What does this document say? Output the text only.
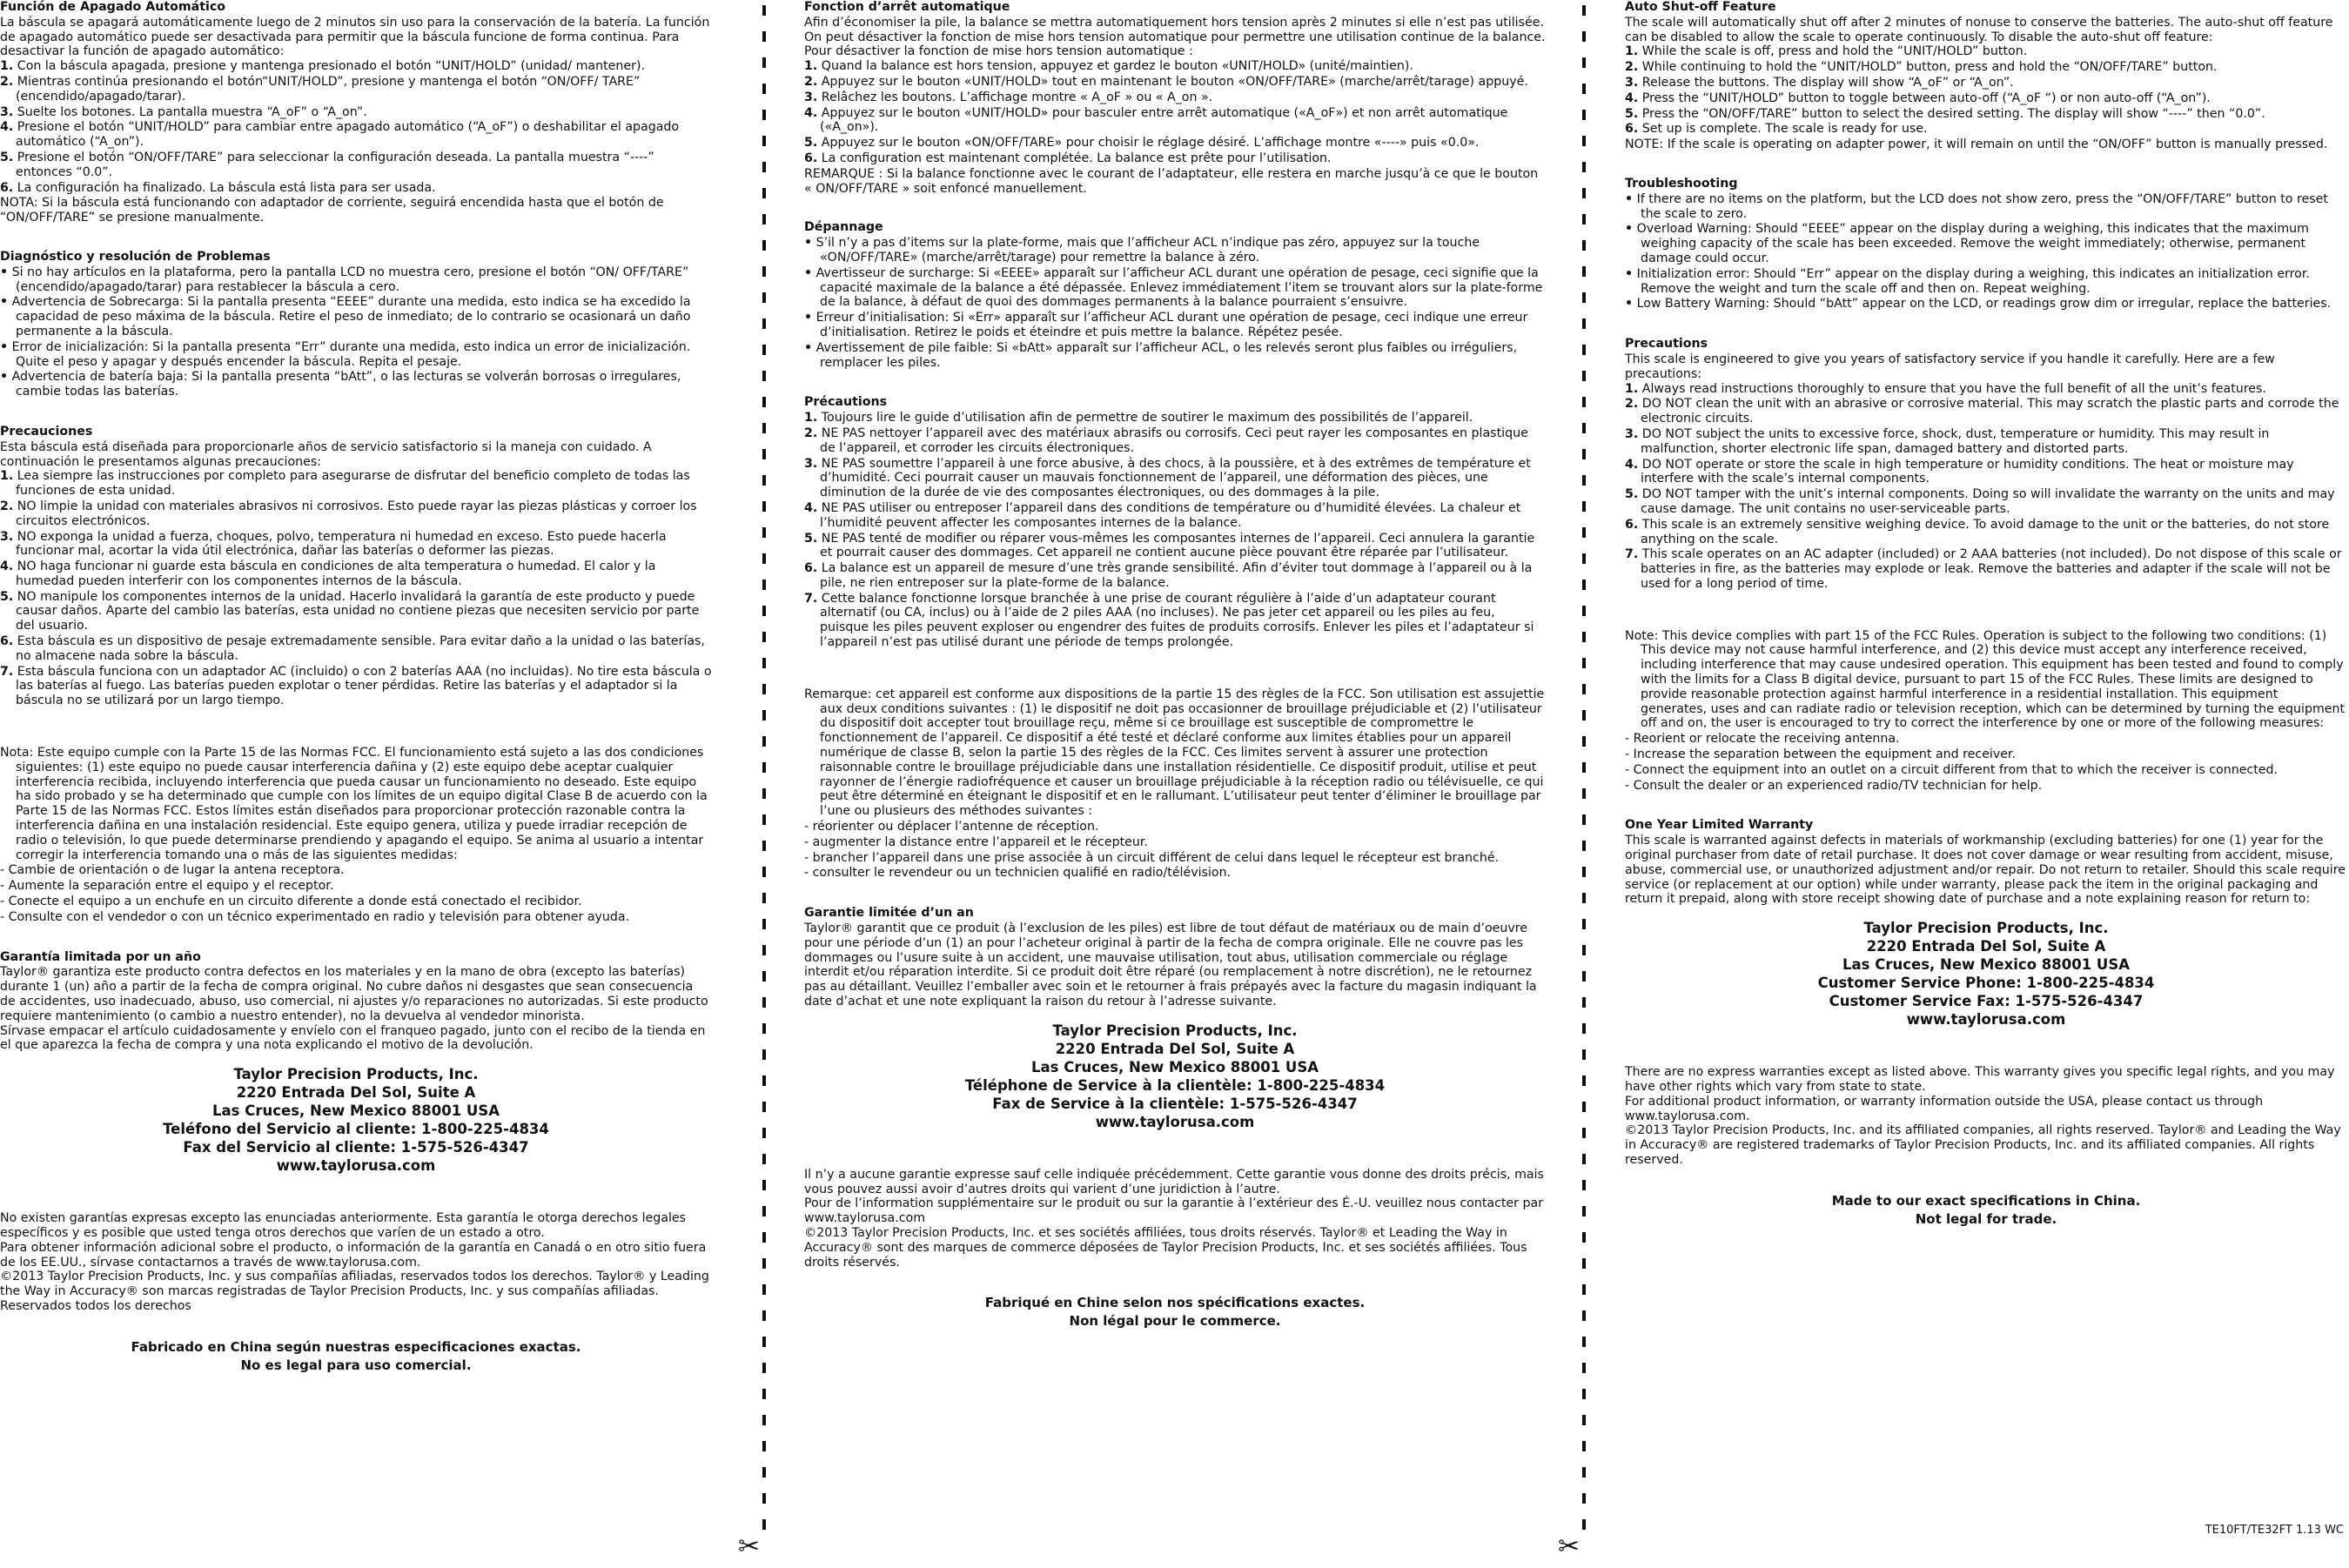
Función de Apagado Automático
La báscula se apagará automáticamente luego de 2 minutos sin uso para la conservación de la batería. La función de apagado automático puede ser desactivada para permitir que la báscula funcione de forma continua. Para desactivar la función de apagado automático:
1. Con la báscula apagada, presione y mantenga presionado el botón “UNIT/HOLD” (unidad/ mantener).
2. Mientras continúa presionando el botón“UNIT/HOLD”, presione y mantenga el botón “ON/OFF/ TARE” (encendido/apagado/tarar).
3. Suelte los botones. La pantalla muestra “A_oF” o “A_on”.
4. Presione el botón “UNIT/HOLD” para cambiar entre apagado automático (“A_oF”) o deshabilitar el apagado automático (“A_on”).
5. Presione el botón “ON/OFF/TARE” para seleccionar la configuración deseada. La pantalla muestra “----” entonces “0.0”.
6. La configuración ha finalizado. La báscula está lista para ser usada.
NOTA: Si la báscula está funcionando con adaptador de corriente, seguirá encendida hasta que el botón de “ON/OFF/TARE” se presione manualmente.
Diagnóstico y resolución de Problemas
• Si no hay artículos en la plataforma, pero la pantalla LCD no muestra cero, presione el botón “ON/ OFF/TARE” (encendido/apagado/tarar) para restablecer la báscula a cero.
• Advertencia de Sobrecarga: Si la pantalla presenta “EEEE” durante una medida, esto indica se ha excedido la capacidad de peso máxima de la báscula. Retire el peso de inmediato; de lo contrario se ocasionará un daño permanente a la báscula.
• Error de inicialización: Si la pantalla presenta “Err” durante una medida, esto indica un error de inicialización. Quite el peso y apagar y después encender la báscula. Repita el pesaje.
• Advertencia de batería baja: Si la pantalla presenta “bAtt”, o las lecturas se volverán borrosas o irregulares, cambie todas las baterías.
Precauciones
Esta báscula está diseñada para proporcionarle años de servicio satisfactorio si la maneja con cuidado. A continuación le presentamos algunas precauciones:
1. Lea siempre las instrucciones por completo para asegurarse de disfrutar del beneficio completo de todas las funciones de esta unidad.
2. NO limpie la unidad con materiales abrasivos ni corrosivos. Esto puede rayar las piezas plásticas y corroer los circuitos electrónicos.
3. NO exponga la unidad a fuerza, choques, polvo, temperatura ni humedad en exceso. Esto puede hacerla funcionar mal, acortar la vida útil electrónica, dañar las baterías o deformer las piezas.
4. NO haga funcionar ni guarde esta báscula en condiciones de alta temperatura o humedad. El calor y la humedad pueden interferir con los componentes internos de la báscula.
5. NO manipule los componentes internos de la unidad. Hacerlo invalidará la garantía de este producto y puede causar daños. Aparte del cambio las baterías, esta unidad no contiene piezas que necesiten servicio por parte del usuario.
6. Esta báscula es un dispositivo de pesaje extremadamente sensible. Para evitar daño a la unidad o las baterías, no almacene nada sobre la báscula.
7. Esta báscula funciona con un adaptador AC (incluido) o con 2 baterías AAA (no incluidas). No tire esta báscula o las baterías al fuego. Las baterías pueden explotar o tener pérdidas. Retire las baterías y el adaptador si la báscula no se utilizará por un largo tiempo.
Nota: Este equipo cumple con la Parte 15 de las Normas FCC. El funcionamiento está sujeto a las dos condiciones siguientes: (1) este equipo no puede causar interferencia dañina y (2) este equipo debe aceptar cualquier interferencia recibida, incluyendo interferencia que pueda causar un funcionamiento no deseado. Este equipo ha sido probado y se ha determinado que cumple con los límites de un equipo digital Clase B de acuerdo con la Parte 15 de las Normas FCC. Estos límites están diseñados para proporcionar protección razonable contra la interferencia dañina en una instalación residencial. Este equipo genera, utiliza y puede irradiar recepción de radio o televisión, lo que puede determinarse prendiendo y apagando el equipo. Se anima al usuario a intentar corregir la interferencia tomando una o más de las siguientes medidas:
- Cambie de orientación o de lugar la antena receptora.
- Aumente la separación entre el equipo y el receptor.
- Conecte el equipo a un enchufe en un circuito diferente a donde está conectado el recibidor.
- Consulte con el vendedor o con un técnico experimentado en radio y televisión para obtener ayuda.
Garantía limitada por un año
Taylor® garantiza este producto contra defectos en los materiales y en la mano de obra (excepto las baterías) durante 1 (un) año a partir de la fecha de compra original. No cubre daños ni desgastes que sean consecuencia de accidentes, uso inadecuado, abuso, uso comercial, ni ajustes y/o reparaciones no autorizadas. Si este producto requiere mantenimiento (o cambio a nuestro entender), no la devuelva al vendedor minorista.
Sírvase empacar el artículo cuidadosamente y envíelo con el franqueo pagado, junto con el recibo de la tienda en el que aparezca la fecha de compra y una nota explicando el motivo de la devolución.
Taylor Precision Products, Inc.
2220 Entrada Del Sol, Suite A
Las Cruces, New Mexico 88001 USA
Teléfono del Servicio al cliente: 1-800-225-4834
Fax del Servicio al cliente: 1-575-526-4347
www.taylorusa.com
No existen garantías expresas excepto las enunciadas anteriormente. Esta garantía le otorga derechos legales específicos y es posible que usted tenga otros derechos que varíen de un estado a otro.
Para obtener información adicional sobre el producto, o información de la garantía en Canadá o en otro sitio fuera de los EE.UU., sírvase contactarnos a través de www.taylorusa.com.
©2013 Taylor Precision Products, Inc. y sus compañías afiliadas, reservados todos los derechos. Taylor® y Leading the Way in Accuracy® son marcas registradas de Taylor Precision Products, Inc. y sus compañías afiliadas. Reservados todos los derechos
Fabricado en China según nuestras especificaciones exactas.
No es legal para uso comercial.
Fonction d’arrêt automatique
Afin d’économiser la pile, la balance se mettra automatiquement hors tension après 2 minutes si elle n’est pas utilisée. On peut désactiver la fonction de mise hors tension automatique pour permettre une utilisation continue de la balance. Pour désactiver la fonction de mise hors tension automatique :
1. Quand la balance est hors tension, appuyez et gardez le bouton «UNIT/HOLD» (unité/maintien).
2. Appuyez sur le bouton «UNIT/HOLD» tout en maintenant le bouton «ON/OFF/TARE» (marche/arrêt/tarage) appuyé.
3. Relâchez les boutons. L’affichage montre « A_oF » ou « A_on ».
4. Appuyez sur le bouton «UNIT/HOLD» pour basculer entre arrêt automatique («A_oF») et non arrêt automatique («A_on»).
5. Appuyez sur le bouton «ON/OFF/TARE» pour choisir le réglage désiré. L’affichage montre «----» puis «0.0».
6. La configuration est maintenant complétée. La balance est prête pour l’utilisation.
REMARQUE : Si la balance fonctionne avec le courant de l’adaptateur, elle restera en marche jusqu’à ce que le bouton « ON/OFF/TARE » soit enfoncé manuellement.
Dépannage
• S’il n’y a pas d’items sur la plate-forme, mais que l’afficheur ACL n’indique pas zéro, appuyez sur la touche «ON/OFF/TARE» (marche/arrêt/tarage) pour remettre la balance à zéro.
• Avertisseur de surcharge: Si «EEEE» apparaît sur l’afficheur ACL durant une opération de pesage, ceci signifie que la capacité maximale de la balance a été dépassée. Enlevez immédiatement l’item se trouvant alors sur la plate-forme de la balance, à défaut de quoi des dommages permanents à la balance pourraient s’ensuivre.
• Erreur d’initialisation: Si «Err» apparaît sur l’afficheur ACL durant une opération de pesage, ceci indique une erreur d’initialisation. Retirez le poids et éteindre et puis mettre la balance. Répétez pesée.
• Avertissement de pile faible: Si «bAtt» apparaît sur l’afficheur ACL, o les relevés seront plus faibles ou irréguliers, remplacer les piles.
Précautions
1. Toujours lire le guide d’utilisation afin de permettre de soutirer le maximum des possibilités de l’appareil.
2. NE PAS nettoyer l’appareil avec des matériaux abrasifs ou corrosifs. Ceci peut rayer les composantes en plastique de l’appareil, et corroder les circuits électroniques.
3. NE PAS soumettre l’appareil à une force abusive, à des chocs, à la poussière, et à des extrêmes de température et d’humidité. Ceci pourrait causer un mauvais fonctionnement de l’appareil, une déformation des pièces, une diminution de la durée de vie des composantes électroniques, ou des dommages à la pile.
4. NE PAS utiliser ou entreposer l’appareil dans des conditions de température ou d’humidité élevées. La chaleur et l’humidité peuvent affecter les composantes internes de la balance.
5. NE PAS tenté de modifier ou réparer vous-mêmes les composantes internes de l’appareil. Ceci annulera la garantie et pourrait causer des dommages. Cet appareil ne contient aucune pièce pouvant être réparée par l’utilisateur.
6. La balance est un appareil de mesure d’une très grande sensibilité. Afin d’éviter tout dommage à l’appareil ou à la pile, ne rien entreposer sur la plate-forme de la balance.
7. Cette balance fonctionne lorsque branchée à une prise de courant régulière à l’aide d’un adaptateur courant alternatif (ou CA, inclus) ou à l’aide de 2 piles AAA (no incluses). Ne pas jeter cet appareil ou les piles au feu, puisque les piles peuvent exploser ou engendrer des fuites de produits corrosifs. Enlever les piles et l’adaptateur si l’appareil n’est pas utilisé durant une période de temps prolongée.
Remarque: cet appareil est conforme aux dispositions de la partie 15 des règles de la FCC. Son utilisation est assujettie aux deux conditions suivantes : (1) le dispositif ne doit pas occasionner de brouillage préjudiciable et (2) l’utilisateur du dispositif doit accepter tout brouillage reçu, même si ce brouillage est susceptible de compromettre le fonctionnement de l’appareil. Ce dispositif a été testé et déclaré conforme aux limites établies pour un appareil numérique de classe B, selon la partie 15 des règles de la FCC. Ces limites servent à assurer une protection raisonnable contre le brouillage préjudiciable dans une installation résidentielle. Ce dispositif produit, utilise et peut rayonner de l’énergie radiofréquence et causer un brouillage préjudiciable à la réception radio ou télévisuelle, ce qui peut être déterminé en éteignant le dispositif et en le rallumant. L’utilisateur peut tenter d’éliminer le brouillage par l’une ou plusieurs des méthodes suivantes :
- réorienter ou déplacer l’antenne de réception.
- augmenter la distance entre l’appareil et le récepteur.
- brancher l’appareil dans une prise associée à un circuit différent de celui dans lequel le récepteur est branché.
- consulter le revendeur ou un technicien qualifié en radio/télévision.
Garantie limitée d’un an
Taylor® garantit que ce produit (à l’exclusion de les piles) est libre de tout défaut de matériaux ou de main d’oeuvre pour une période d’un (1) an pour l’acheteur original à partir de la fecha de compra originale. Elle ne couvre pas les dommages ou l’usure suite à un accident, une mauvaise utilisation, tout abus, utilisation commerciale ou réglage interdit et/ou réparation interdite. Si ce produit doit être réparé (ou remplacement à notre discrétion), ne le retournez pas au détaillant. Veuillez l’emballer avec soin et le retourner à frais prépayés avec la facture du magasin indiquant la date d’achat et une note expliquant la raison du retour à l’adresse suivante.
Taylor Precision Products, Inc.
2220 Entrada Del Sol, Suite A
Las Cruces, New Mexico 88001 USA
Téléphone de Service à la clientèle: 1-800-225-4834
Fax de Service à la clientèle: 1-575-526-4347
www.taylorusa.com
Il n’y a aucune garantie expresse sauf celle indiquée précédemment. Cette garantie vous donne des droits précis, mais vous pouvez aussi avoir d’autres droits qui varient d’une juridiction à l’autre.
Pour de l’information supplémentaire sur le produit ou sur la garantie à l’extérieur des É.-U. veuillez nous contacter par www.taylorusa.com
©2013 Taylor Precision Products, Inc. et ses sociétés affiliées, tous droits réservés. Taylor® et Leading the Way in Accuracy® sont des marques de commerce déposées de Taylor Precision Products, Inc. et ses sociétés affiliées. Tous droits réservés.
Fabriqué en Chine selon nos spécifications exactes.
Non légal pour le commerce.
Auto Shut-off Feature
The scale will automatically shut off after 2 minutes of nonuse to conserve the batteries. The auto-shut off feature can be disabled to allow the scale to operate continuously. To disable the auto-shut off feature:
1. While the scale is off, press and hold the “UNIT/HOLD” button.
2. While continuing to hold the “UNIT/HOLD” button, press and hold the “ON/OFF/TARE” button.
3. Release the buttons. The display will show “A_oF” or “A_on”.
4. Press the “UNIT/HOLD” button to toggle between auto-off (“A_oF “) or non auto-off (“A_on”).
5. Press the “ON/OFF/TARE” button to select the desired setting. The display will show “----” then “0.0”.
6. Set up is complete. The scale is ready for use.
NOTE: If the scale is operating on adapter power, it will remain on until the “ON/OFF” button is manually pressed.
Troubleshooting
• If there are no items on the platform, but the LCD does not show zero, press the “ON/OFF/TARE” button to reset the scale to zero.
• Overload Warning: Should “EEEE” appear on the display during a weighing, this indicates that the maximum weighing capacity of the scale has been exceeded. Remove the weight immediately; otherwise, permanent damage could occur.
• Initialization error: Should “Err” appear on the display during a weighing, this indicates an initialization error. Remove the weight and turn the scale off and then on. Repeat weighing.
• Low Battery Warning: Should “bAtt” appear on the LCD, or readings grow dim or irregular, replace the batteries.
Precautions
This scale is engineered to give you years of satisfactory service if you handle it carefully. Here are a few precautions:
1. Always read instructions thoroughly to ensure that you have the full benefit of all the unit’s features.
2. DO NOT clean the unit with an abrasive or corrosive material. This may scratch the plastic parts and corrode the electronic circuits.
3. DO NOT subject the units to excessive force, shock, dust, temperature or humidity. This may result in malfunction, shorter electronic life span, damaged battery and distorted parts.
4. DO NOT operate or store the scale in high temperature or humidity conditions. The heat or moisture may interfere with the scale’s internal components.
5. DO NOT tamper with the unit’s internal components. Doing so will invalidate the warranty on the units and may cause damage. The unit contains no user-serviceable parts.
6. This scale is an extremely sensitive weighing device. To avoid damage to the unit or the batteries, do not store anything on the scale.
7. This scale operates on an AC adapter (included) or 2 AAA batteries (not included). Do not dispose of this scale or batteries in fire, as the batteries may explode or leak. Remove the batteries and adapter if the scale will not be used for a long period of time.
Note: This device complies with part 15 of the FCC Rules. Operation is subject to the following two conditions: (1) This device may not cause harmful interference, and (2) this device must accept any interference received, including interference that may cause undesired operation. This equipment has been tested and found to comply with the limits for a Class B digital device, pursuant to part 15 of the FCC Rules. These limits are designed to provide reasonable protection against harmful interference in a residential installation. This equipment generates, uses and can radiate radio or television reception, which can be determined by turning the equipment off and on, the user is encouraged to try to correct the interference by one or more of the following measures:
- Reorient or relocate the receiving antenna.
- Increase the separation between the equipment and receiver.
- Connect the equipment into an outlet on a circuit different from that to which the receiver is connected.
- Consult the dealer or an experienced radio/TV technician for help.
One Year Limited Warranty
This scale is warranted against defects in materials of workmanship (excluding batteries) for one (1) year for the original purchaser from date of retail purchase. It does not cover damage or wear resulting from accident, misuse, abuse, commercial use, or unauthorized adjustment and/or repair. Do not return to retailer. Should this scale require service (or replacement at our option) while under warranty, please pack the item in the original packaging and return it prepaid, along with store receipt showing date of purchase and a note explaining reason for return to:
Taylor Precision Products, Inc.
2220 Entrada Del Sol, Suite A
Las Cruces, New Mexico 88001 USA
Customer Service Phone: 1-800-225-4834
Customer Service Fax: 1-575-526-4347
www.taylorusa.com
There are no express warranties except as listed above. This warranty gives you specific legal rights, and you may have other rights which vary from state to state.
For additional product information, or warranty information outside the USA, please contact us through www.taylorusa.com.
©2013 Taylor Precision Products, Inc. and its affiliated companies, all rights reserved. Taylor® and Leading the Way in Accuracy® are registered trademarks of Taylor Precision Products, Inc. and its affiliated companies. All rights reserved.
Made to our exact specifications in China.
Not legal for trade.
✂	✂
TE10FT/TE32FT 1.13 WC
